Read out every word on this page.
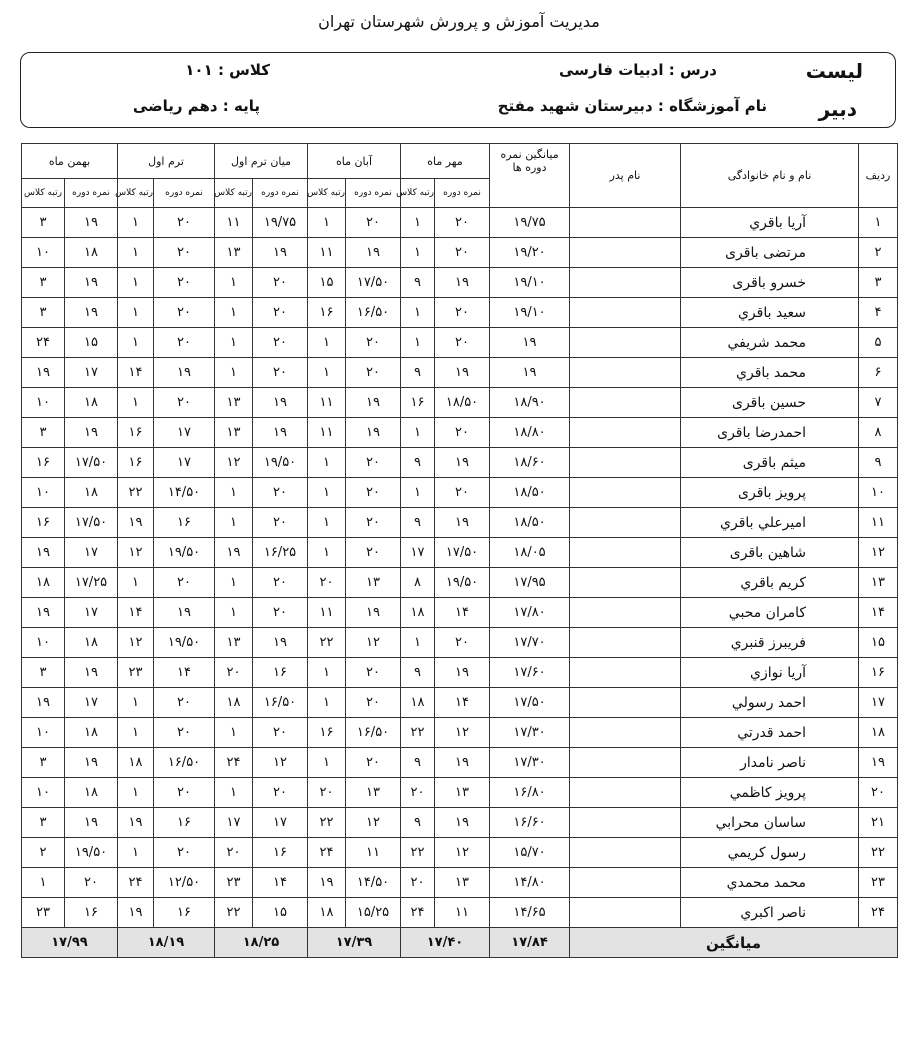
مدیریت آموزش و پرورش شهرستان تهران
لیست
دبیر
درس : ادبیات فارسی
نام آموزشگاه : دبیرستان شهید مفتح
کلاس : ۱۰۱
پایه : دهم ریاضی
ردیف	نام و نام خانوادگی	نام پدر	میانگین نمره دوره ها	مهر ماه		آبان ماه		میان ترم اول		ترم اول		بهمن ماه	
				نمره دوره	رتبه کلاس	نمره دوره	رتبه کلاس	نمره دوره	رتبه کلاس	نمره دوره	رتبه کلاس	نمره دوره	رتبه کلاس
۱	آریا باقري		۱۹/۷۵	۲۰	۱	۲۰	۱	۱۹/۷۵	۱۱	۲۰	۱	۱۹	۳
۲	مرتضی باقری		۱۹/۲۰	۲۰	۱	۱۹	۱۱	۱۹	۱۳	۲۰	۱	۱۸	۱۰
۳	خسرو باقری		۱۹/۱۰	۱۹	۹	۱۷/۵۰	۱۵	۲۰	۱	۲۰	۱	۱۹	۳
۴	سعید باقري		۱۹/۱۰	۲۰	۱	۱۶/۵۰	۱۶	۲۰	۱	۲۰	۱	۱۹	۳
۵	محمد شریفي		۱۹	۲۰	۱	۲۰	۱	۲۰	۱	۲۰	۱	۱۵	۲۴
۶	محمد باقري		۱۹	۱۹	۹	۲۰	۱	۲۰	۱	۱۹	۱۴	۱۷	۱۹
۷	حسین باقری		۱۸/۹۰	۱۸/۵۰	۱۶	۱۹	۱۱	۱۹	۱۳	۲۰	۱	۱۸	۱۰
۸	احمدرضا باقری		۱۸/۸۰	۲۰	۱	۱۹	۱۱	۱۹	۱۳	۱۷	۱۶	۱۹	۳
۹	میثم باقری		۱۸/۶۰	۱۹	۹	۲۰	۱	۱۹/۵۰	۱۲	۱۷	۱۶	۱۷/۵۰	۱۶
۱۰	پرویز باقری		۱۸/۵۰	۲۰	۱	۲۰	۱	۲۰	۱	۱۴/۵۰	۲۲	۱۸	۱۰
۱۱	امیرعلي باقري		۱۸/۵۰	۱۹	۹	۲۰	۱	۲۰	۱	۱۶	۱۹	۱۷/۵۰	۱۶
۱۲	شاهین باقری		۱۸/۰۵	۱۷/۵۰	۱۷	۲۰	۱	۱۶/۲۵	۱۹	۱۹/۵۰	۱۲	۱۷	۱۹
۱۳	کریم باقري		۱۷/۹۵	۱۹/۵۰	۸	۱۳	۲۰	۲۰	۱	۲۰	۱	۱۷/۲۵	۱۸
۱۴	کامران محبي		۱۷/۸۰	۱۴	۱۸	۱۹	۱۱	۲۰	۱	۱۹	۱۴	۱۷	۱۹
۱۵	فریبرز قنبري		۱۷/۷۰	۲۰	۱	۱۲	۲۲	۱۹	۱۳	۱۹/۵۰	۱۲	۱۸	۱۰
۱۶	آریا نوازي		۱۷/۶۰	۱۹	۹	۲۰	۱	۱۶	۲۰	۱۴	۲۳	۱۹	۳
۱۷	احمد رسولي		۱۷/۵۰	۱۴	۱۸	۲۰	۱	۱۶/۵۰	۱۸	۲۰	۱	۱۷	۱۹
۱۸	احمد قدرتي		۱۷/۳۰	۱۲	۲۲	۱۶/۵۰	۱۶	۲۰	۱	۲۰	۱	۱۸	۱۰
۱۹	ناصر نامدار		۱۷/۳۰	۱۹	۹	۲۰	۱	۱۲	۲۴	۱۶/۵۰	۱۸	۱۹	۳
۲۰	پرویز کاظمي		۱۶/۸۰	۱۳	۲۰	۱۳	۲۰	۲۰	۱	۲۰	۱	۱۸	۱۰
۲۱	ساسان محرابي		۱۶/۶۰	۱۹	۹	۱۲	۲۲	۱۷	۱۷	۱۶	۱۹	۱۹	۳
۲۲	رسول کریمي		۱۵/۷۰	۱۲	۲۲	۱۱	۲۴	۱۶	۲۰	۲۰	۱	۱۹/۵۰	۲
۲۳	محمد محمدي		۱۴/۸۰	۱۳	۲۰	۱۴/۵۰	۱۹	۱۴	۲۳	۱۲/۵۰	۲۴	۲۰	۱
۲۴	ناصر اکبري		۱۴/۶۵	۱۱	۲۴	۱۵/۲۵	۱۸	۱۵	۲۲	۱۶	۱۹	۱۶	۲۳
میانگین			۱۷/۸۴	۱۷/۴۰		۱۷/۳۹		۱۸/۲۵		۱۸/۱۹		۱۷/۹۹	
